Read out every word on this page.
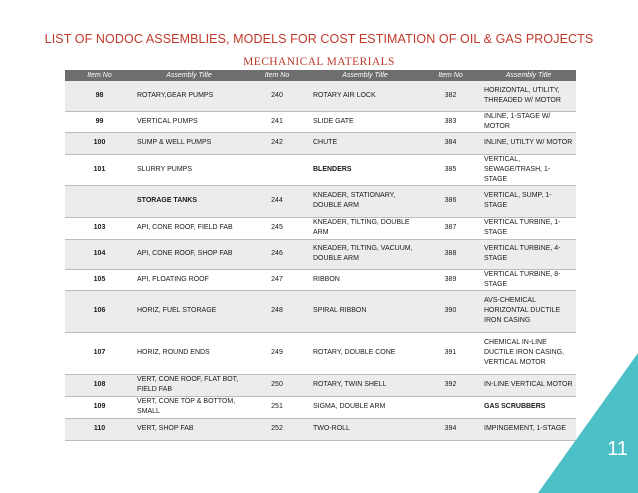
LIST OF NODOC ASSEMBLIES, MODELS FOR COST ESTIMATION OF OIL & GAS PROJECTS
MECHANICAL MATERIALS
Item No	Assembly Title	Item No	Assembly Title	Item No	Assembly Title
98	ROTARY,GEAR PUMPS	240	ROTARY AIR LOCK	382	HORIZONTAL, UTILITY, THREADED W/ MOTOR
99	VERTICAL PUMPS	241	SLIDE GATE	383	INLINE, 1-STAGE W/ MOTOR
100	SUMP & WELL PUMPS	242	CHUTE	384	INLINE, UTILTY W/ MOTOR
101	SLURRY PUMPS		BLENDERS	385	VERTICAL, SEWAGE/TRASH, 1-STAGE
	STORAGE TANKS	244	KNEADER, STATIONARY, DOUBLE ARM	386	VERTICAL, SUMP, 1-STAGE
103	API, CONE ROOF, FIELD FAB	245	KNEADER, TILTING, DOUBLE ARM	387	VERTICAL TURBINE, 1-STAGE
104	API, CONE ROOF, SHOP FAB	246	KNEADER, TILTING, VACUUM, DOUBLE ARM	388	VERTICAL TURBINE, 4-STAGE
105	API, FLOATING ROOF	247	RIBBON	389	VERTICAL TURBINE, 8-STAGE
106	HORIZ, FUEL STORAGE	248	SPIRAL RIBBON	390	AVS-CHEMICAL HORIZONTAL DUCTILE IRON CASING
107	HORIZ, ROUND ENDS	249	ROTARY, DOUBLE CONE	391	CHEMICAL IN-LINE DUCTILE IRON CASING, VERTICAL MOTOR
108	VERT, CONE ROOF, FLAT BOT, FIELD FAB	250	ROTARY, TWIN SHELL	392	IN-LINE VERTICAL MOTOR
109	VERT, CONE TOP & BOTTOM, SMALL	251	SIGMA, DOUBLE ARM		GAS SCRUBBERS
110	VERT, SHOP FAB	252	TWO-ROLL	394	IMPINGEMENT, 1-STAGE
11
